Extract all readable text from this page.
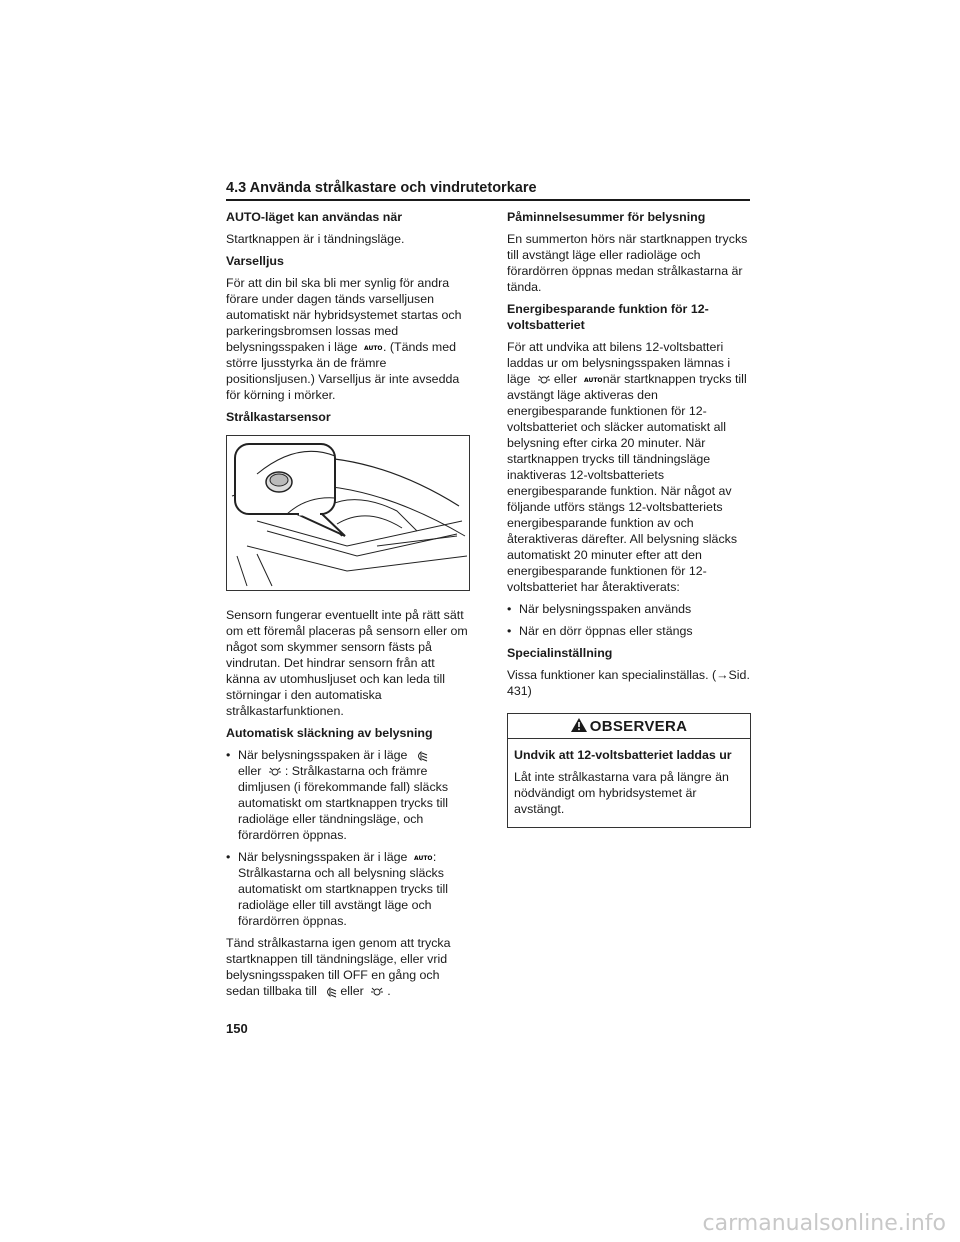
4.3 Använda strålkastare och vindrutetorkare
AUTO-läget kan användas när
Startknappen är i tändningsläge.
Varselljus
För att din bil ska bli mer synlig för andra förare under dagen tänds varselljusen automatiskt när hybridsystemet startas och parkeringsbromsen lossas med belysningsspaken i läge AUTO . (Tänds med större ljusstyrka än de främre positionsljusen.) Varselljus är inte avsedda för körning i mörker.
Strålkastarsensor
Sensorn fungerar eventuellt inte på rätt sätt om ett föremål placeras på sensorn eller om något som skymmer sensorn fästs på vindrutan. Det hindrar sensorn från att känna av utomhusljuset och kan leda till störningar i den automatiska strålkastarfunktionen.
Automatisk släckning av belysning
• När belysningsspaken är i läge
eller : Strålkastarna och främre dimljusen (i förekommande fall) släcks automatiskt om startknappen trycks till radioläge eller tändningsläge, och förardörren öppnas.
• När belysningsspaken är i läge AUTO : Strålkastarna och all belysning släcks automatiskt om startknappen trycks till radioläge eller till avstängt läge och förardörren öppnas.
Tänd strålkastarna igen genom att trycka startknappen till tändningsläge, eller vrid belysningsspaken till OFF en gång och sedan tillbaka till eller .
Påminnelsesummer för belysning
En summerton hörs när startknappen trycks till avstängt läge eller radioläge och förardörren öppnas medan strålkastarna är tända.
Energibesparande funktion för 12-voltsbatteriet
För att undvika att bilens 12-voltsbatteri laddas ur om belysningsspaken lämnas i läge eller AUTO när startknappen trycks till avstängt läge aktiveras den energibesparande funktionen för 12-voltsbatteriet och släcker automatiskt all belysning efter cirka 20 minuter. När startknappen trycks till tändningsläge inaktiveras 12-voltsbatteriets energibesparande funktion. När något av följande utförs stängs 12-voltsbatteriets energibesparande funktion av och återaktiveras därefter. All belysning släcks automatiskt 20 minuter efter att den energibesparande funktionen för 12-voltsbatteriet har återaktiverats:
• När belysningsspaken används
• När en dörr öppnas eller stängs
Specialinställning
Vissa funktioner kan specialinställas. (→Sid. 431)
OBSERVERA
Undvik att 12-voltsbatteriet laddas ur
Låt inte strålkastarna vara på längre än nödvändigt om hybridsystemet är avstängt.
150
carmanualsonline.info
